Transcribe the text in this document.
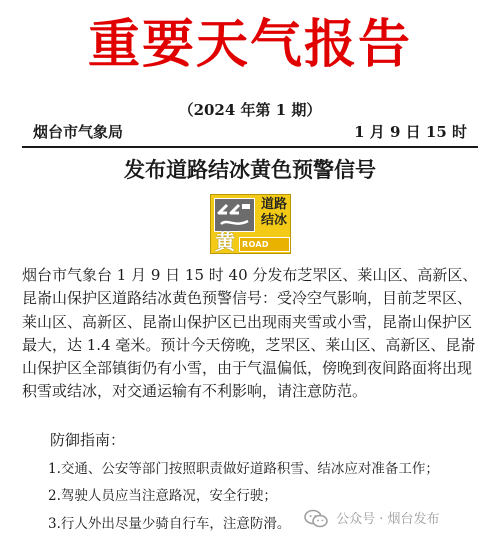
重要天气报告
（2024 年第 1 期）
烟台市气象局	1 月 9 日 15 时
发布道路结冰黄色预警信号
道路结冰
黄 ROAD ICING
烟台市气象台 1 月 9 日 15 时 40 分发布芝罘区、莱山区、高新区、
昆嵛山保护区道路结冰黄色预警信号：受冷空气影响，目前芝罘区、
莱山区、高新区、昆嵛山保护区已出现雨夹雪或小雪，昆嵛山保护区
最大，达 1.4 毫米。预计今天傍晚，芝罘区、莱山区、高新区、昆嵛
山保护区全部镇街仍有小雪，由于气温偏低，傍晚到夜间路面将出现
积雪或结冰，对交通运输有不利影响，请注意防范。
防御指南：
1.交通、公安等部门按照职责做好道路积雪、结冰应对准备工作；
2.驾驶人员应当注意路况，安全行驶；
3.行人外出尽量少骑自行车，注意防滑。	公众号 · 烟台发布
